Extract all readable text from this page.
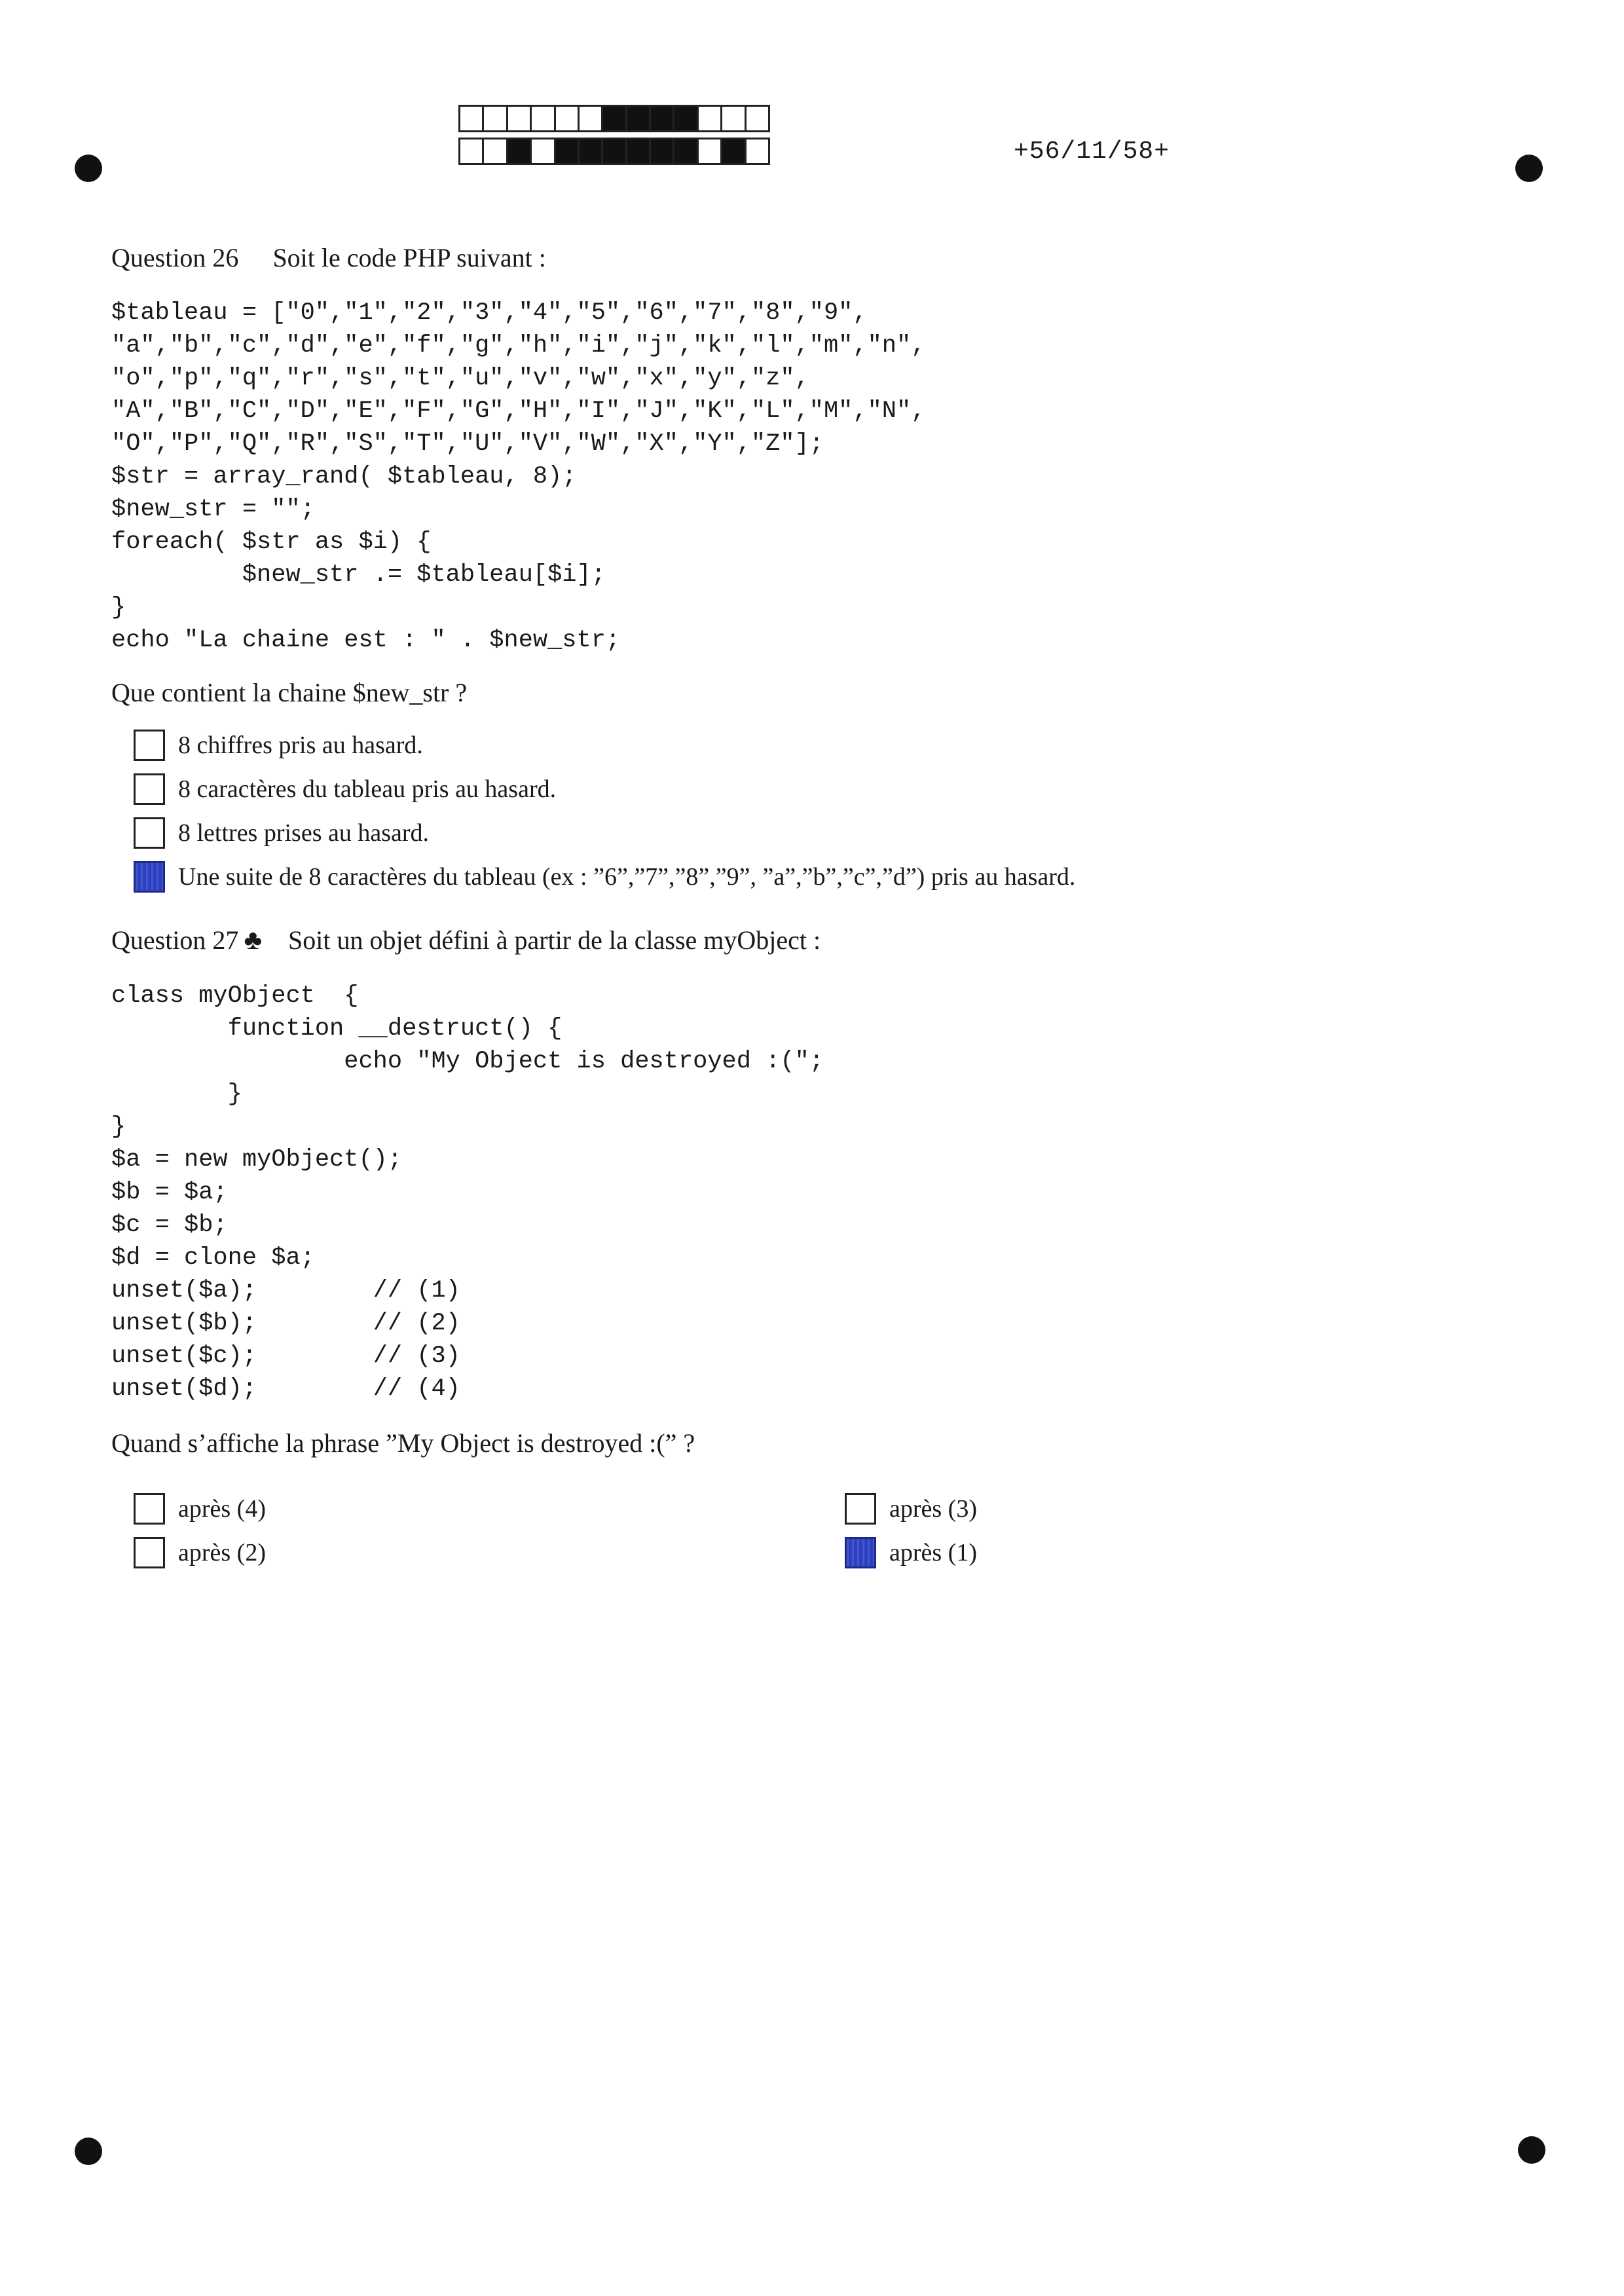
+56/11/58+
Question 26 Soit le code PHP suivant :
$tableau = ["0","1","2","3","4","5","6","7","8","9",
"a","b","c","d","e","f","g","h","i","j","k","l","m","n",
"o","p","q","r","s","t","u","v","w","x","y","z",
"A","B","C","D","E","F","G","H","I","J","K","L","M","N",
"O","P","Q","R","S","T","U","V","W","X","Y","Z"];
$str = array_rand( $tableau, 8);
$new_str = "";
foreach( $str as $i) {
$new_str .= $tableau[$i];
}
echo "La chaine est : " . $new_str;
Que contient la chaine $new_str ?
8 chiffres pris au hasard.
8 caractères du tableau pris au hasard.
8 lettres prises au hasard.
Une suite de 8 caractères du tableau (ex : ”6”,”7”,”8”,”9”, ”a”,”b”,”c”,”d”) pris au hasard.
Question 27 ♣ Soit un objet défini à partir de la classe myObject :
class myObject  {
function __destruct() {
echo "My Object is destroyed :(";
}
}
$a = new myObject();
$b = $a;
$c = $b;
$d = clone $a;
unset($a);        // (1)
unset($b);        // (2)
unset($c);        // (3)
unset($d);        // (4)
Quand s’affiche la phrase ”My Object is destroyed :(” ?
après (4)	après (3)
après (2)	après (1)
